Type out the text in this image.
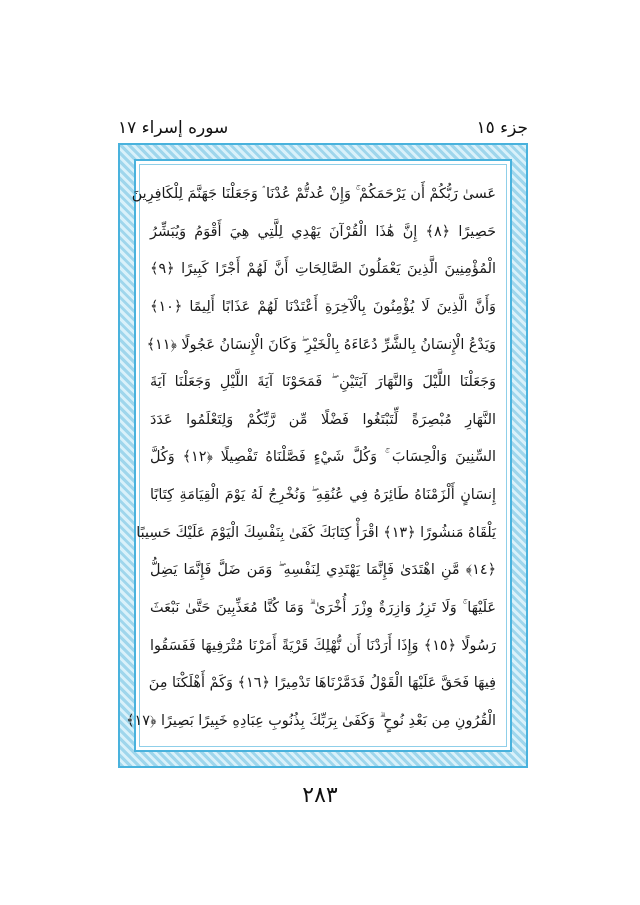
سوره إسراء ١٧	جزء ١٥
عَسىٰ رَبُّكُمْ أَن يَرْحَمَكُمْ ۚ وَإِنْ عُدتُّمْ عُدْنَا ۘ وَجَعَلْنَا جَهَنَّمَ لِلْكَافِرِينَ
حَصِيرًا ﴿٨﴾ إِنَّ هَٰذَا الْقُرْآنَ يَهْدِي لِلَّتِي هِيَ أَقْوَمُ وَيُبَشِّرُ
الْمُؤْمِنِينَ الَّذِينَ يَعْمَلُونَ الصَّالِحَاتِ أَنَّ لَهُمْ أَجْرًا كَبِيرًا ﴿٩﴾
وَأَنَّ الَّذِينَ لَا يُؤْمِنُونَ بِالْآخِرَةِ أَعْتَدْنَا لَهُمْ عَذَابًا أَلِيمًا ﴿١٠﴾
وَيَدْعُ الْإِنسَانُ بِالشَّرِّ دُعَاءَهُ بِالْخَيْرِ ۖ وَكَانَ الْإِنسَانُ عَجُولًا ﴿١١﴾
وَجَعَلْنَا اللَّيْلَ وَالنَّهَارَ آيَتَيْنِ ۖ فَمَحَوْنَا آيَةَ اللَّيْلِ وَجَعَلْنَا آيَةَ
النَّهَارِ مُبْصِرَةً لِّتَبْتَغُوا فَضْلًا مِّن رَّبِّكُمْ وَلِتَعْلَمُوا عَدَدَ
السِّنِينَ وَالْحِسَابَ ۚ وَكُلَّ شَيْءٍ فَصَّلْنَاهُ تَفْصِيلًا ﴿١٢﴾ وَكُلَّ
إِنسَانٍ أَلْزَمْنَاهُ طَائِرَهُ فِي عُنُقِهِ ۖ وَنُخْرِجُ لَهُ يَوْمَ الْقِيَامَةِ كِتَابًا
يَلْقَاهُ مَنشُورًا ﴿١٣﴾ اقْرَأْ كِتَابَكَ كَفَىٰ بِنَفْسِكَ الْيَوْمَ عَلَيْكَ حَسِيبًا
﴿١٤﴾ مَّنِ اهْتَدَىٰ فَإِنَّمَا يَهْتَدِي لِنَفْسِهِ ۖ وَمَن ضَلَّ فَإِنَّمَا يَضِلُّ
عَلَيْهَا ۚ وَلَا تَزِرُ وَازِرَةٌ وِزْرَ أُخْرَىٰ ۗ وَمَا كُنَّا مُعَذِّبِينَ حَتَّىٰ نَبْعَثَ
رَسُولًا ﴿١٥﴾ وَإِذَا أَرَدْنَا أَن نُّهْلِكَ قَرْيَةً أَمَرْنَا مُتْرَفِيهَا فَفَسَقُوا
فِيهَا فَحَقَّ عَلَيْهَا الْقَوْلُ فَدَمَّرْنَاهَا تَدْمِيرًا ﴿١٦﴾ وَكَمْ أَهْلَكْنَا مِنَ
الْقُرُونِ مِن بَعْدِ نُوحٍ ۗ وَكَفَىٰ بِرَبِّكَ بِذُنُوبِ عِبَادِهِ خَبِيرًا بَصِيرًا ﴿١٧﴾
٢٨٣
